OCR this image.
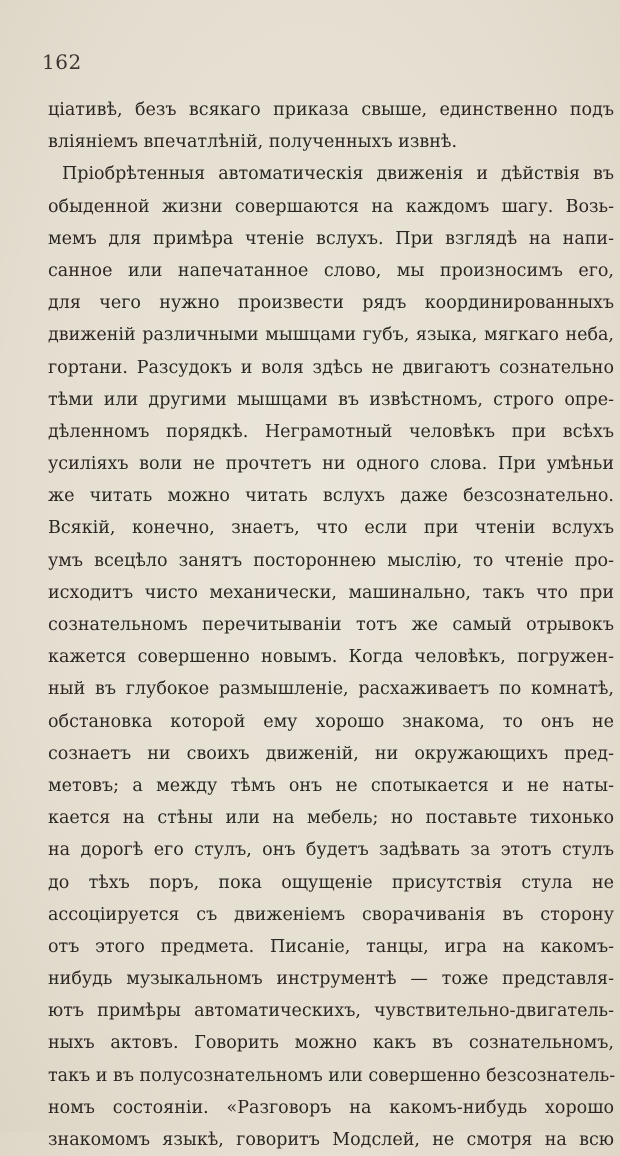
162
ціативѣ, безъ всякаго приказа свыше, единственно подъ
вліяніемъ впечатлѣній, полученныхъ извнѣ.
Пріобрѣтенныя автоматическія движенія и дѣйствія въ
обыденной жизни совершаются на каждомъ шагу. Возь-
мемъ для примѣра чтеніе вслухъ. При взглядѣ на напи-
санное или напечатанное слово, мы произносимъ его,
для чего нужно произвести рядъ координированныхъ
движеній различными мышцами губъ, языка, мягкаго неба,
гортани. Разсудокъ и воля здѣсь не двигаютъ сознательно
тѣми или другими мышцами въ извѣстномъ, строго опре-
дѣленномъ порядкѣ. Неграмотный человѣкъ при всѣхъ
усиліяхъ воли не прочтетъ ни одного слова. При умѣньи
же читать можно читать вслухъ даже безсознательно.
Всякій, конечно, знаетъ, что если при чтеніи вслухъ
умъ всецѣло занятъ постороннею мыслію, то чтеніе про-
исходитъ чисто механически, машинально, такъ что при
сознательномъ перечитываніи тотъ же самый отрывокъ
кажется совершенно новымъ. Когда человѣкъ, погружен-
ный въ глубокое размышленіе, расхаживаетъ по комнатѣ,
обстановка которой ему хорошо знакома, то онъ не
сознаетъ ни своихъ движеній, ни окружающихъ пред-
метовъ; а между тѣмъ онъ не спотыкается и не наты-
кается на стѣны или на мебель; но поставьте тихонько
на дорогѣ его стулъ, онъ будетъ задѣвать за этотъ стулъ
до тѣхъ поръ, пока ощущеніе присутствія стула не
ассоціируется съ движеніемъ сворачиванія въ сторону
отъ этого предмета. Писаніе, танцы, игра на какомъ-
нибудь музыкальномъ инструментѣ — тоже представля-
ютъ примѣры автоматическихъ, чувствительно-двигатель-
ныхъ актовъ. Говорить можно какъ въ сознательномъ,
такъ и въ полусознательномъ или совершенно безсознатель-
номъ состояніи. «Разговоръ на какомъ-нибудь хорошо
знакомомъ языкѣ, говоритъ Модслей, не смотря на всю
